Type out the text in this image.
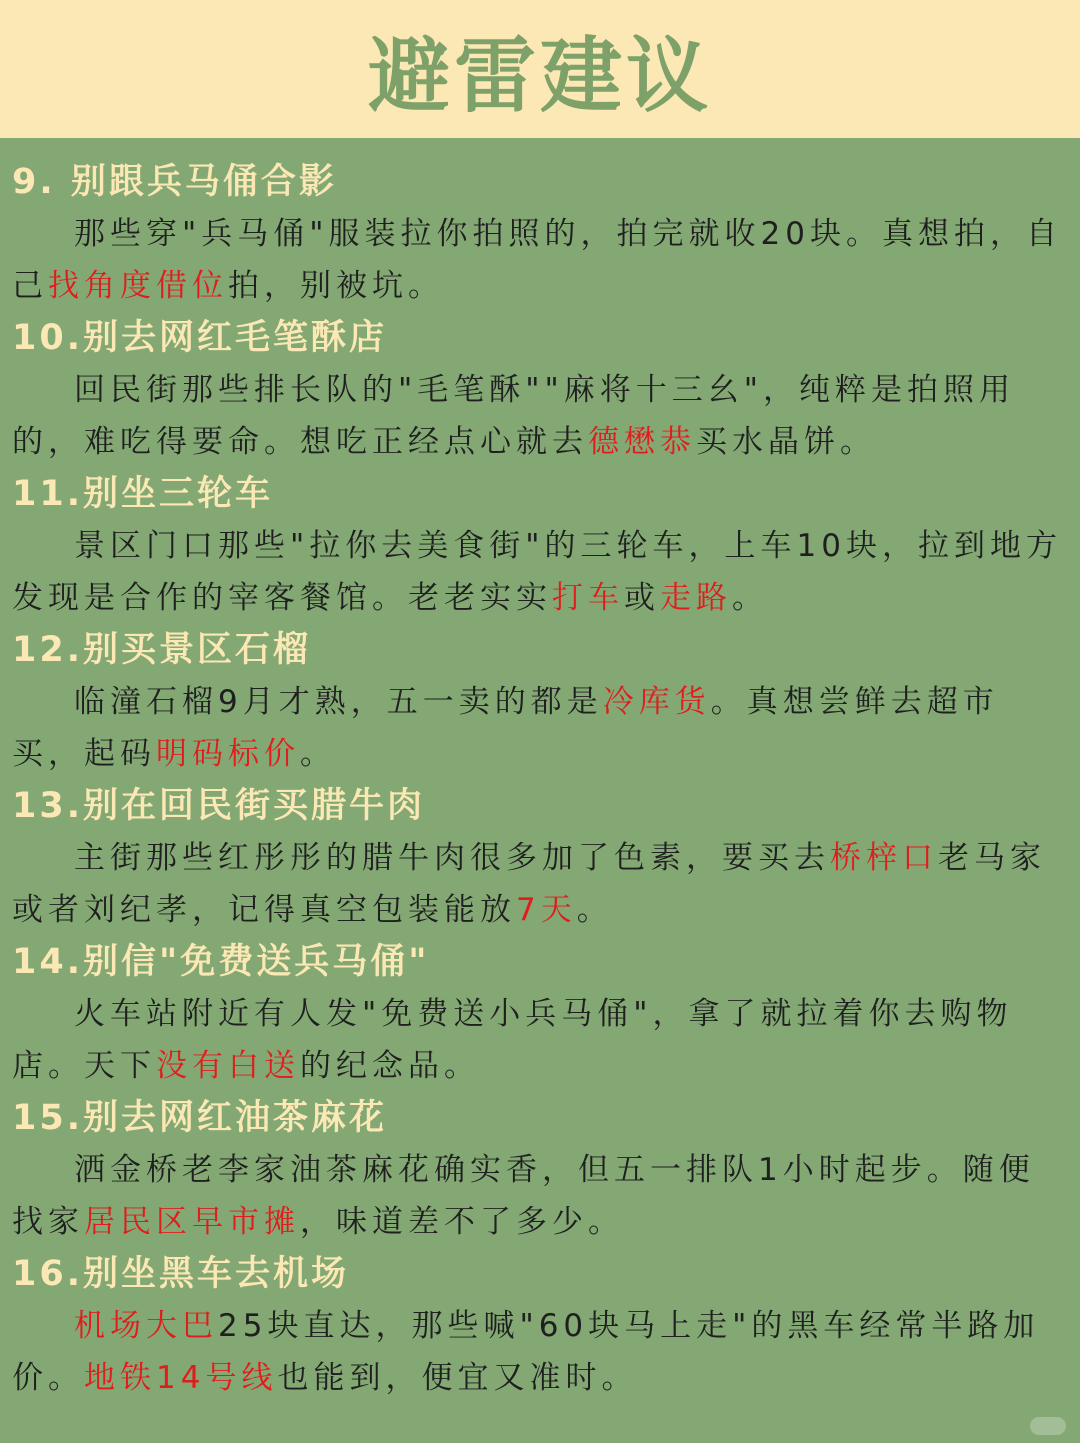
避雷建议
9. 别跟兵马俑合影

那些穿"兵马俑"服装拉你拍照的，拍完就收20块。真想拍，自己找角度借位拍，别被坑。

10.别去网红毛笔酥店

回民街那些排长队的"毛笔酥""麻将十三幺"，纯粹是拍照用的，难吃得要命。想吃正经点心就去德懋恭买水晶饼。

11.别坐三轮车

景区门口那些"拉你去美食街"的三轮车，上车10块，拉到地方发现是合作的宰客餐馆。老老实实打车或走路。

12.别买景区石榴

临潼石榴9月才熟，五一卖的都是冷库货。真想尝鲜去超市买，起码明码标价。

13.别在回民街买腊牛肉

主街那些红彤彤的腊牛肉很多加了色素，要买去桥梓口老马家或者刘纪孝，记得真空包装能放7天。

14.别信"免费送兵马俑"

火车站附近有人发"免费送小兵马俑"，拿了就拉着你去购物店。天下没有白送的纪念品。

15.别去网红油茶麻花

洒金桥老李家油茶麻花确实香，但五一排队1小时起步。随便找家居民区早市摊，味道差不了多少。

16.别坐黑车去机场

机场大巴25块直达，那些喊"60块马上走"的黑车经常半路加价。地铁14号线也能到，便宜又准时。
